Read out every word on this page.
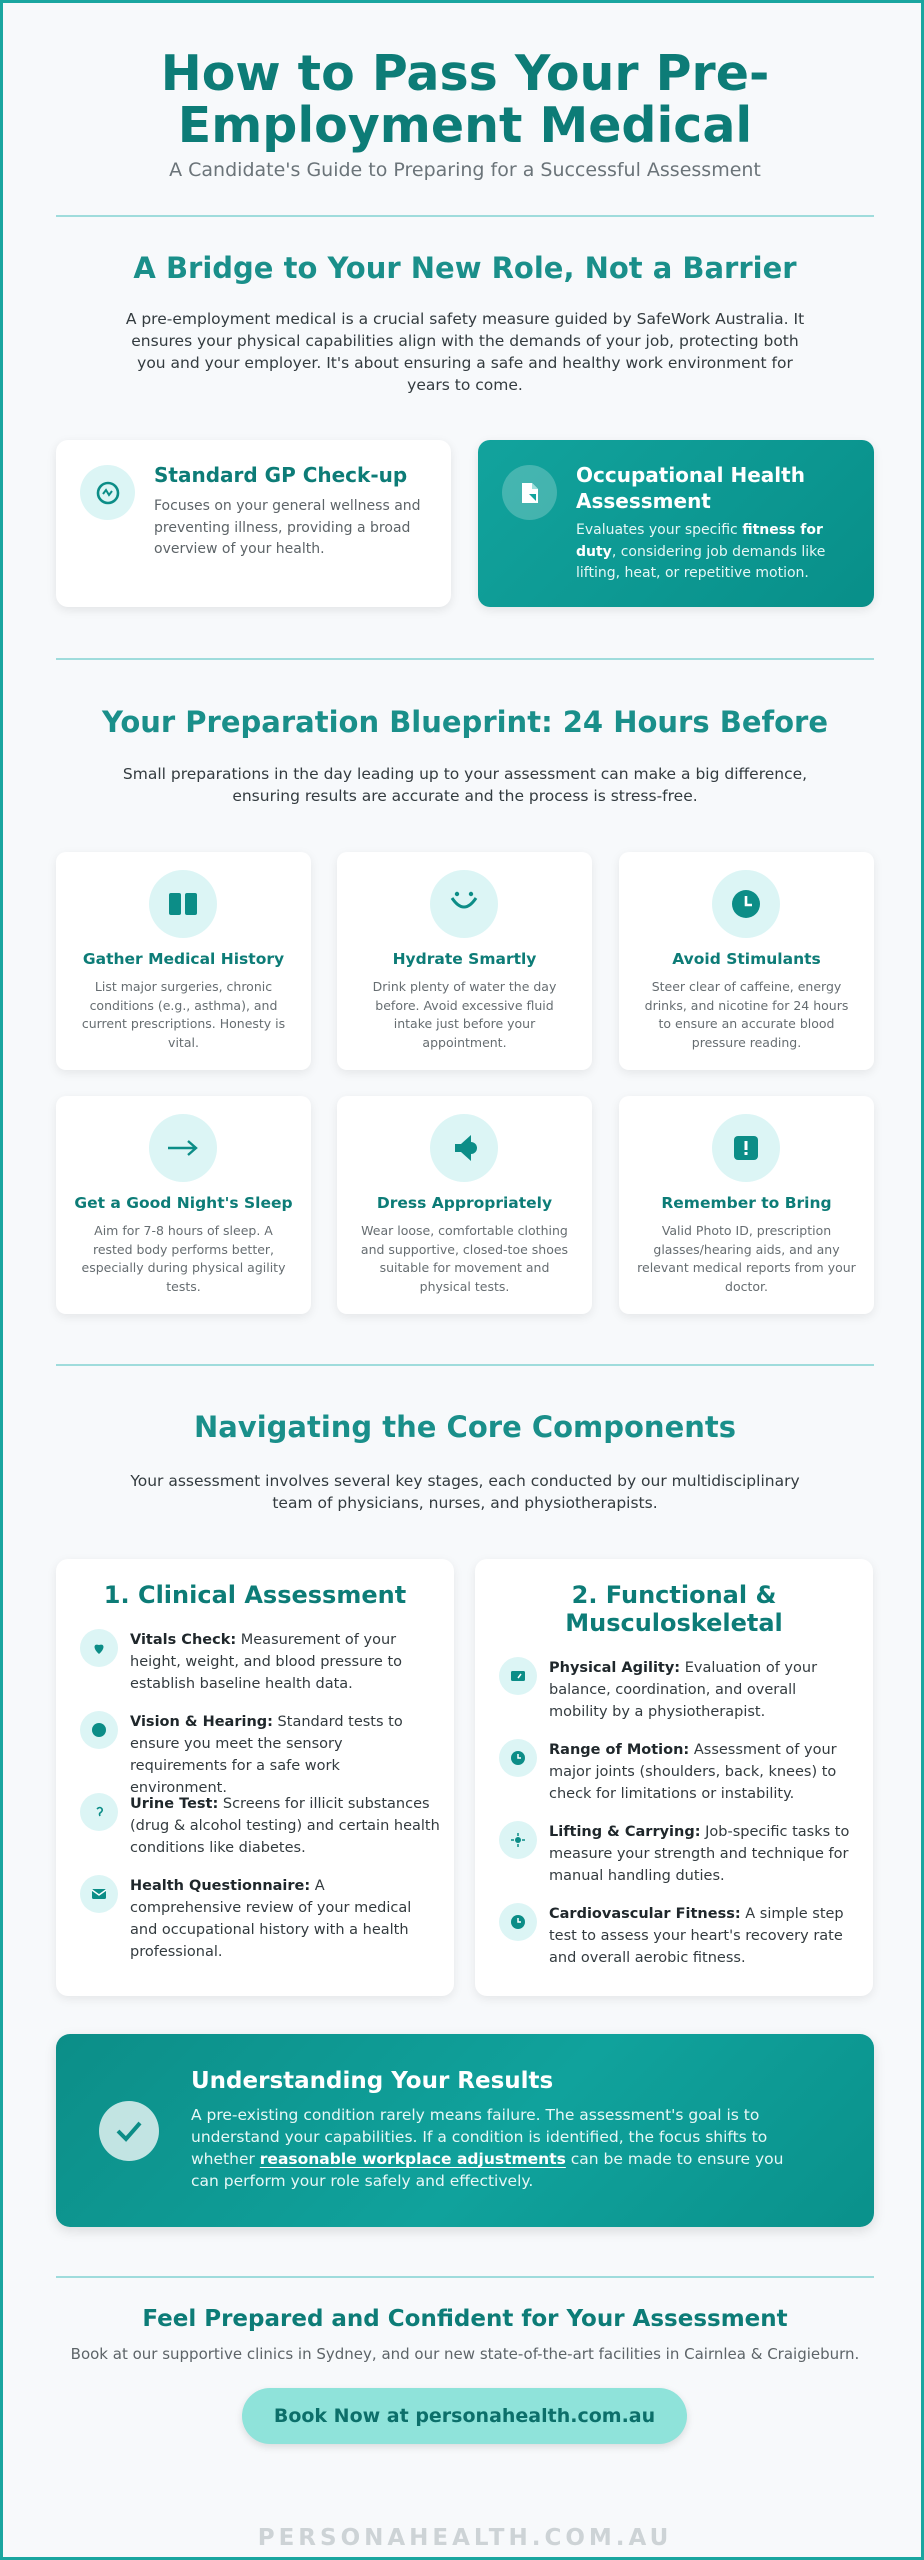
How to Pass Your Pre-
Employment Medical
A Candidate's Guide to Preparing for a Successful Assessment
A Bridge to Your New Role, Not a Barrier
A pre-employment medical is a crucial safety measure guided by SafeWork Australia. It ensures your physical capabilities align with the demands of your job, protecting both you and your employer. It's about ensuring a safe and healthy work environment for years to come.
Standard GP Check-up
Focuses on your general wellness and preventing illness, providing a broad overview of your health.
Occupational Health Assessment
Evaluates your specific fitness for duty, considering job demands like lifting, heat, or repetitive motion.
Your Preparation Blueprint: 24 Hours Before
Small preparations in the day leading up to your assessment can make a big difference, ensuring results are accurate and the process is stress-free.
Gather Medical History
List major surgeries, chronic conditions (e.g., asthma), and current prescriptions. Honesty is vital.
Hydrate Smartly
Drink plenty of water the day before. Avoid excessive fluid intake just before your appointment.
Avoid Stimulants
Steer clear of caffeine, energy drinks, and nicotine for 24 hours to ensure an accurate blood pressure reading.
Get a Good Night's Sleep
Aim for 7-8 hours of sleep. A rested body performs better, especially during physical agility tests.
Dress Appropriately
Wear loose, comfortable clothing and supportive, closed-toe shoes suitable for movement and physical tests.
Remember to Bring
Valid Photo ID, prescription glasses/hearing aids, and any relevant medical reports from your doctor.
Navigating the Core Components
Your assessment involves several key stages, each conducted by our multidisciplinary team of physicians, nurses, and physiotherapists.
1. Clinical Assessment
Vitals Check: Measurement of your height, weight, and blood pressure to establish baseline health data.
Vision & Hearing: Standard tests to ensure you meet the sensory requirements for a safe work environment.
Urine Test: Screens for illicit substances (drug & alcohol testing) and certain health conditions like diabetes.
Health Questionnaire: A comprehensive review of your medical and occupational history with a health professional.
2. Functional &
Musculoskeletal
Physical Agility: Evaluation of your balance, coordination, and overall mobility by a physiotherapist.
Range of Motion: Assessment of your major joints (shoulders, back, knees) to check for limitations or instability.
Lifting & Carrying: Job-specific tasks to measure your strength and technique for manual handling duties.
Cardiovascular Fitness: A simple step test to assess your heart's recovery rate and overall aerobic fitness.
Understanding Your Results
A pre-existing condition rarely means failure. The assessment's goal is to understand your capabilities. If a condition is identified, the focus shifts to whether reasonable workplace adjustments can be made to ensure you can perform your role safely and effectively.
Feel Prepared and Confident for Your Assessment
Book at our supportive clinics in Sydney, and our new state-of-the-art facilities in Cairnlea & Craigieburn.
Book Now at personahealth.com.au
PERSONAHEALTH.COM.AU
